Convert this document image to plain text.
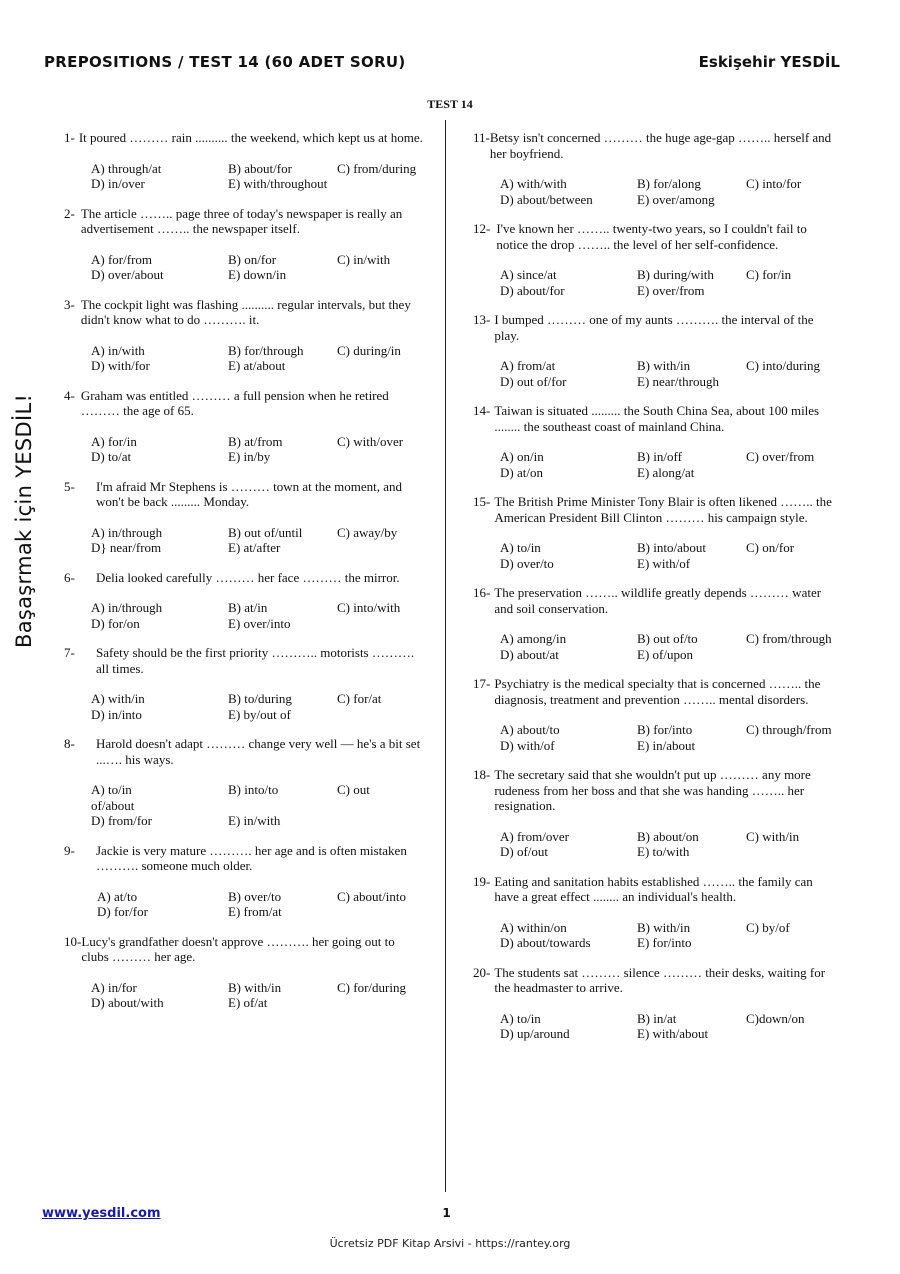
PREPOSITIONS / TEST 14 (60 ADET SORU)	Eskişehir YESDİL
TEST 14
Başaşrmak için YESDİL!
1- It poured ……… rain .......... the weekend, which kept us at home.
A) through/at	B) about/for	C) from/during
D) in/over	E) with/throughout
2- The article …….. page three of today's newspaper is really an advertisement …….. the newspaper itself.
A) for/from	B) on/for	C) in/with
D) over/about	E) down/in
3- The cockpit light was flashing .......... regular intervals, but they didn't know what to do ………. it.
A) in/with	B) for/through	C) during/in
D) with/for	E) at/about
4- Graham was entitled ……… a full pension when he retired ……… the age of 65.
A) for/in	B) at/from	C) with/over
D) to/at	E) in/by
5-	I'm afraid Mr Stephens is ……… town at the moment, and won't be back ......... Monday.
A) in/through	B) out of/until	C) away/by
D} near/from	E) at/after
6-	Delia looked carefully ……… her face ……… the mirror.
A) in/through	B) at/in	C) into/with
D) for/on	E) over/into
7-	Safety should be the first priority ……….. motorists ………. all times.
A) with/in	B) to/during	C) for/at
D) in/into	E) by/out of
8-	Harold doesn't adapt ……… change very well — he's a bit set ...…. his ways.
A) to/in	B) into/to	C) out
of/about
D) from/for	E) in/with
9-	Jackie is very mature ………. her age and is often mistaken ………. someone much older.
A) at/to	B) over/to	C) about/into
D) for/for	E) from/at
10- Lucy's grandfather doesn't approve ………. her going out to clubs ……… her age.
A) in/for	B) with/in	C) for/during
D) about/with	E) of/at
11- Betsy isn't concerned ……… the huge age-gap …….. herself and her boyfriend.
A) with/with	B) for/along	C) into/for
D) about/between	E) over/among
12- I've known her …….. twenty-two years, so I couldn't fail to notice the drop …….. the level of her self-confidence.
A) since/at	B) during/with	C) for/in
D) about/for	E) over/from
13- I bumped ……… one of my aunts ………. the interval of the play.
A) from/at	B) with/in	C) into/during
D) out of/for	E) near/through
14- Taiwan is situated ......... the South China Sea, about 100 miles ........ the southeast coast of mainland China.
A) on/in	B) in/off	C) over/from
D) at/on	E) along/at
15- The British Prime Minister Tony Blair is often likened …….. the American President Bill Clinton ……… his campaign style.
A) to/in	B) into/about	C) on/for
D) over/to	E) with/of
16- The preservation …….. wildlife greatly depends ……… water and soil conservation.
A) among/in	B) out of/to	C) from/through
D) about/at	E) of/upon
17- Psychiatry is the medical specialty that is concerned …….. the diagnosis, treatment and prevention …….. mental disorders.
A) about/to	B) for/into	C) through/from
D) with/of	E) in/about
18- The secretary said that she wouldn't put up ……… any more rudeness from her boss and that she was handing …….. her resignation.
A) from/over	B) about/on	C) with/in
D) of/out	E) to/with
19- Eating and sanitation habits established …….. the family can have a great effect ........ an individual's health.
A) within/on	B) with/in	C) by/of
D) about/towards	E) for/into
20- The students sat ……… silence ……… their desks, waiting for the headmaster to arrive.
A) to/in	B) in/at	C)down/on
D) up/around	E) with/about
www.yesdil.com	1
Ücretsiz PDF Kitap Arsivi - https://rantey.org
